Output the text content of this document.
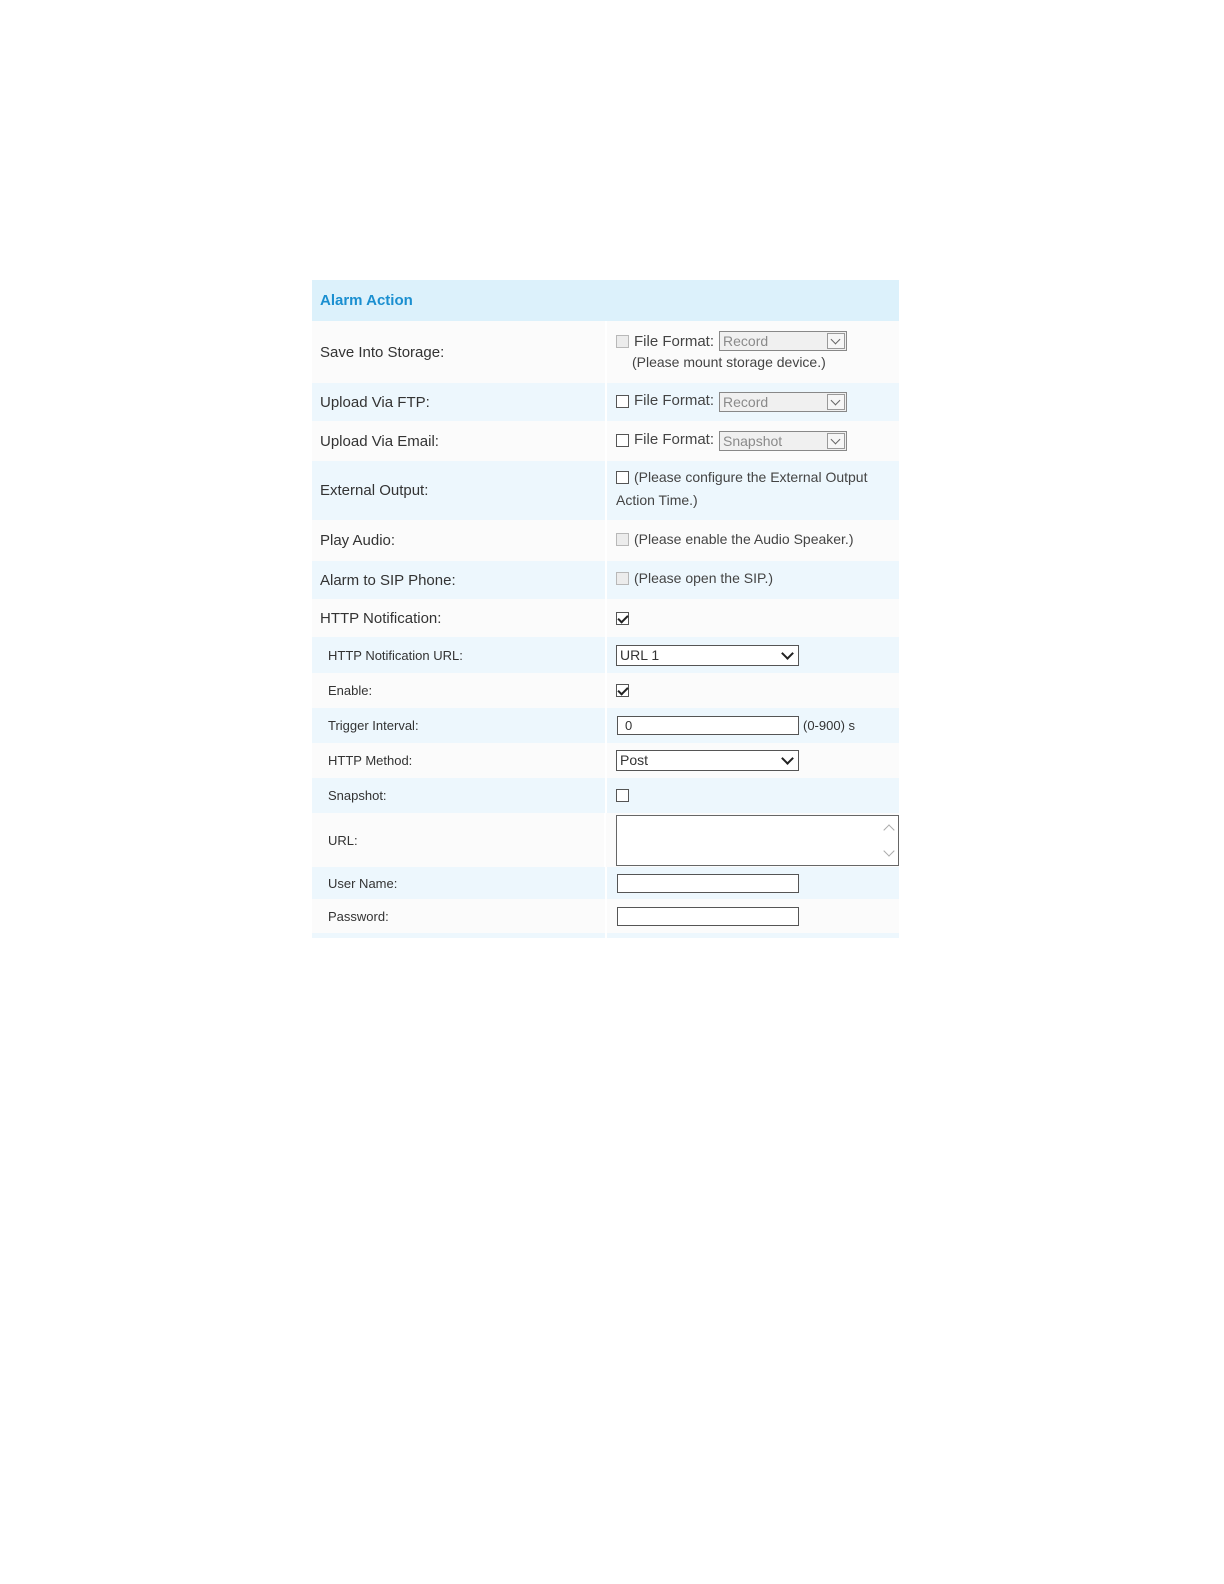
Alarm Action
Save Into Storage:
File Format: Record
(Please mount storage device.)
Upload Via FTP:	File Format: Record
Upload Via Email:	File Format: Snapshot
External Output:
(Please configure the External Output
Action Time.)
Play Audio:	(Please enable the Audio Speaker.)
Alarm to SIP Phone:	(Please open the SIP.)
HTTP Notification:
HTTP Notification URL:	URL 1
Enable:
Trigger Interval:	0	(0-900) s
HTTP Method:	Post
Snapshot:
URL:
User Name:
Password:
